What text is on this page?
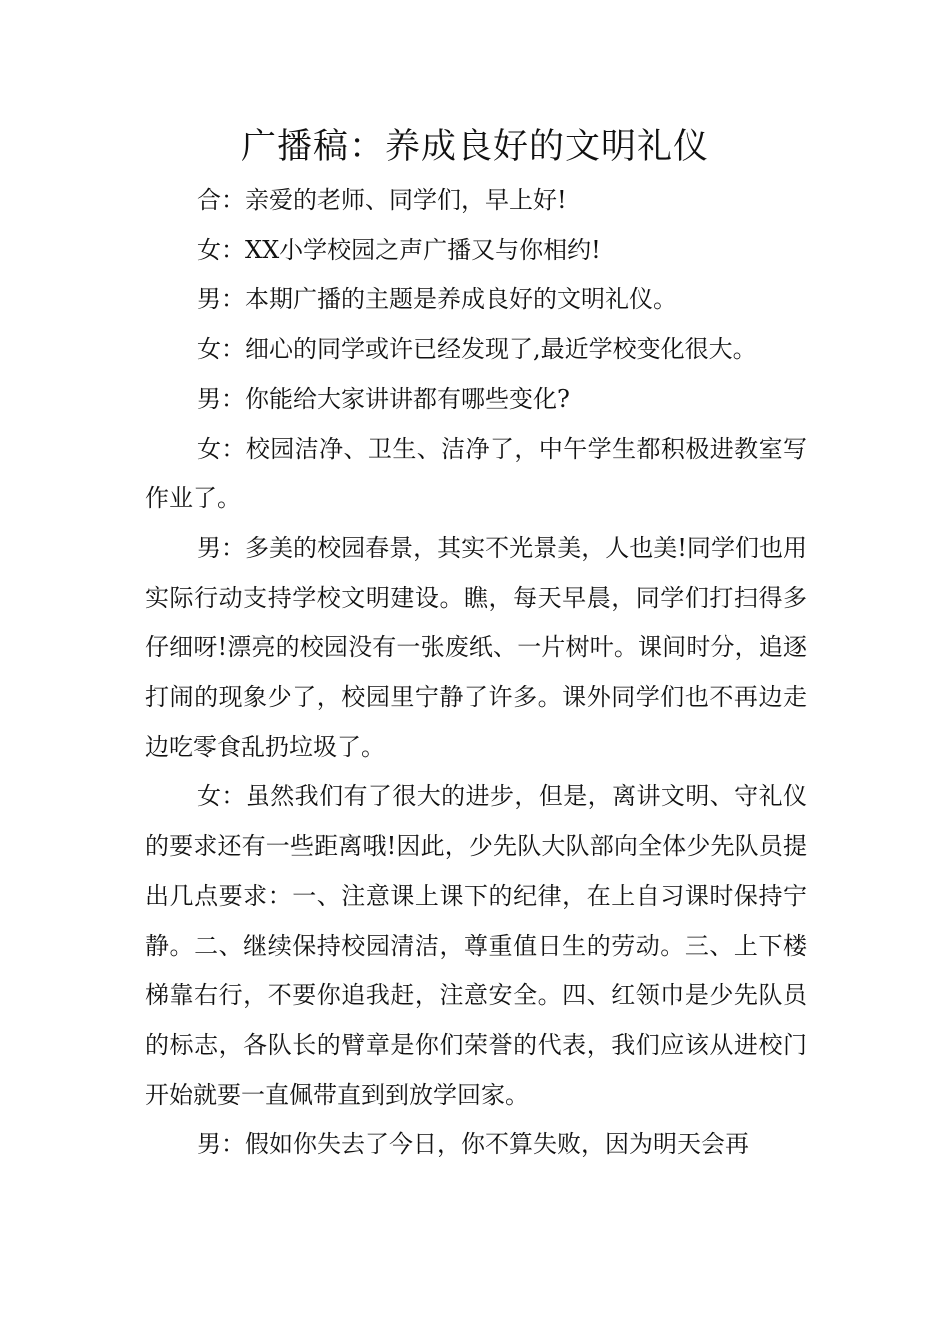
广播稿：养成良好的文明礼仪

合：亲爱的老师、同学们，早上好!

女：XX小学校园之声广播又与你相约!

男：本期广播的主题是养成良好的文明礼仪。

女：细心的同学或许已经发现了,最近学校变化很大。

男：你能给大家讲讲都有哪些变化?

女：校园洁净、卫生、洁净了，中午学生都积极进教室写作业了。

男：多美的校园春景，其实不光景美，人也美!同学们也用实际行动支持学校文明建设。瞧，每天早晨，同学们打扫得多仔细呀!漂亮的校园没有一张废纸、一片树叶。课间时分，追逐打闹的现象少了，校园里宁静了许多。课外同学们也不再边走边吃零食乱扔垃圾了。

女：虽然我们有了很大的进步，但是，离讲文明、守礼仪的要求还有一些距离哦!因此，少先队大队部向全体少先队员提出几点要求：一、注意课上课下的纪律，在上自习课时保持宁静。二、继续保持校园清洁，尊重值日生的劳动。三、上下楼梯靠右行，不要你追我赶，注意安全。四、红领巾是少先队员的标志，各队长的臂章是你们荣誉的代表，我们应该从进校门开始就要一直佩带直到到放学回家。

男：假如你失去了今日，你不算失败，因为明天会再
